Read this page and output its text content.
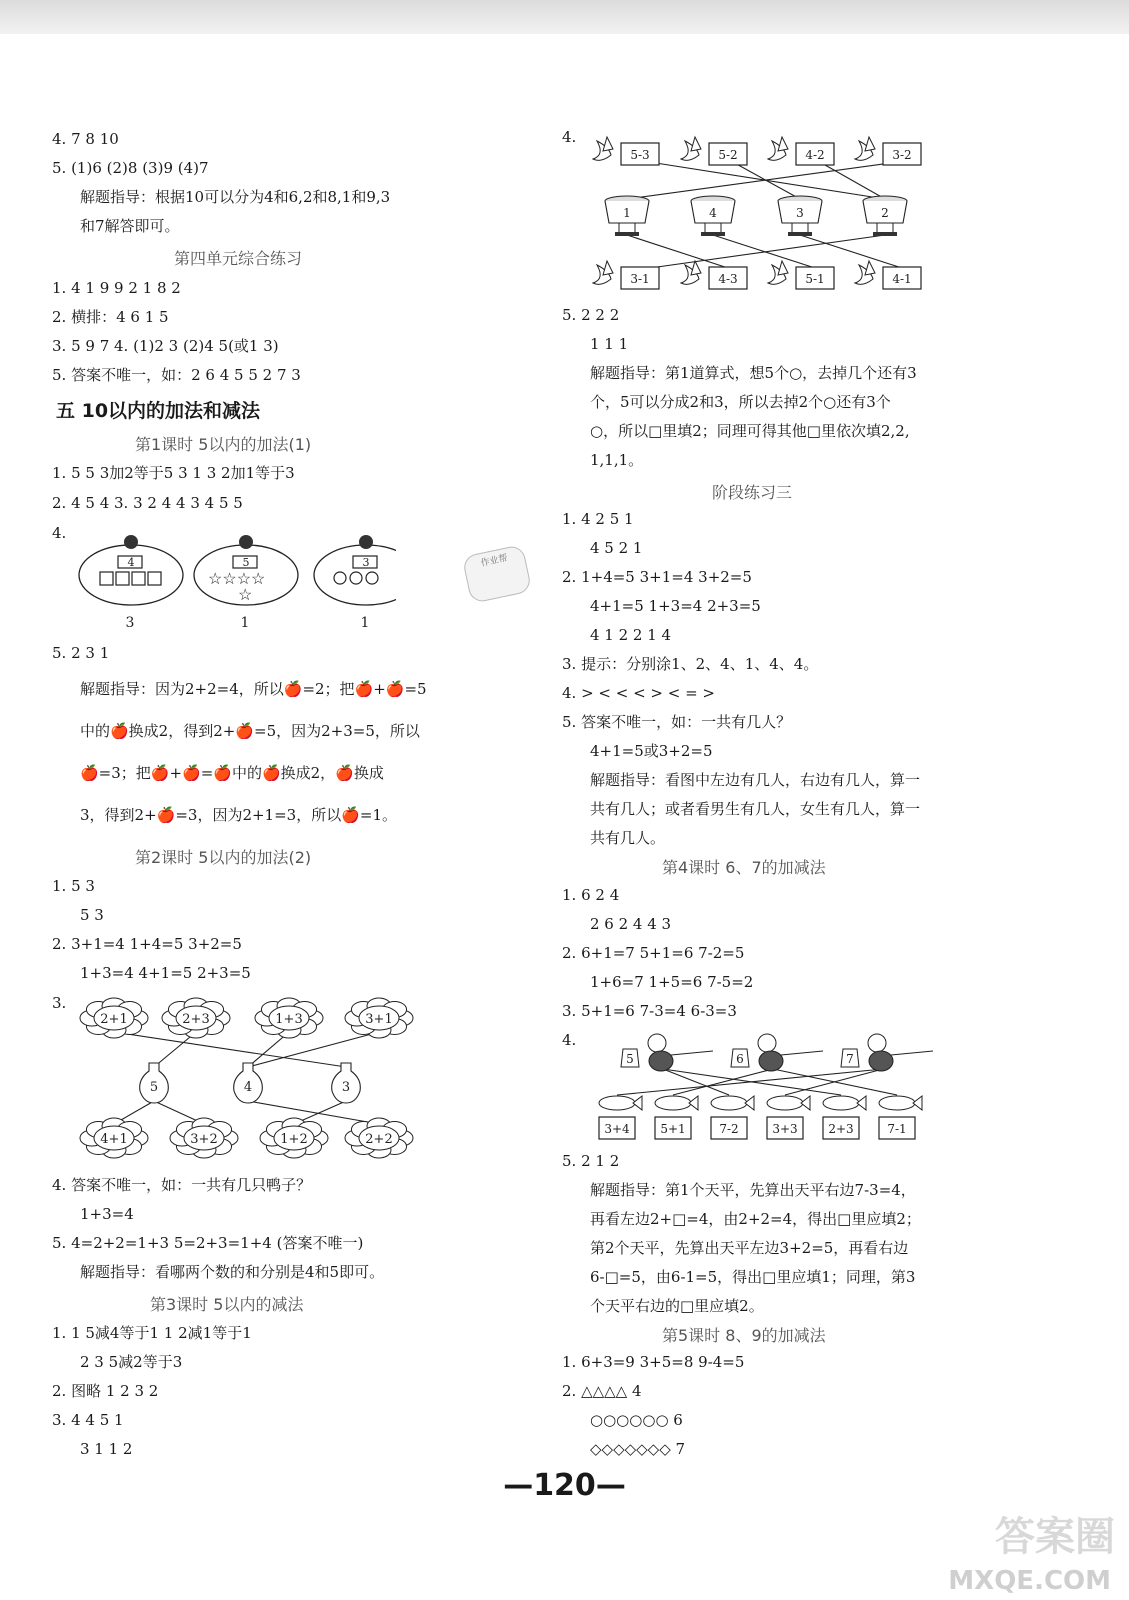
4. 7 8 10
5. (1)6 (2)8 (3)9 (4)7
解题指导：根据10可以分为4和6,2和8,1和9,3
和7解答即可。
第四单元综合练习
1. 4 1 9 9 2 1 8 2
2. 横排：4 6 1 5
3. 5 9 7 4. (1)2 3 (2)4 5(或1 3)
5. 答案不唯一，如：2 6 4 5 5 2 7 3
五 10以内的加法和减法
第1课时 5以内的加法(1)
1. 5 5 3加2等于5 3 1 3 2加1等于3
2. 4 5 4 3. 3 2 4 4 3 4 5 5
4.
☆☆☆☆
☆
4	5	3
3	1	1
5. 2 3 1
解题指导：因为2+2=4，所以🍎=2；把🍎+🍎=5
中的🍎换成2，得到2+🍎=5，因为2+3=5，所以
🍎=3；把🍎+🍎=🍎中的🍎换成2，🍎换成
3，得到2+🍎=3，因为2+1=3，所以🍎=1。
第2课时 5以内的加法(2)
1. 5 3
5 3
2. 3+1=4 1+4=5 3+2=5
1+3=4 4+1=5 2+3=5
3.
2+1	2+3	1+3	3+1
4+1	3+2	1+2	2+2
5	4	3
4. 答案不唯一，如：一共有几只鸭子？
1+3=4
5. 4=2+2=1+3 5=2+3=1+4 (答案不唯一)
解题指导：看哪两个数的和分别是4和5即可。
第3课时 5以内的减法
1. 1 5减4等于1 1 2减1等于1
2 3 5减2等于3
2. 图略 1 2 3 2
3. 4 4 5 1
3 1 1 2
作业帮
4.
5-3	5-2	4-2	3-2
3-1	4-3	5-1	4-1
1	4	3	2
5. 2 2 2
1 1 1
解题指导：第1道算式，想5个○，去掉几个还有3
个，5可以分成2和3，所以去掉2个○还有3个
○，所以□里填2；同理可得其他□里依次填2,2,
1,1,1。
阶段练习三
1. 4 2 5 1
4 5 2 1
2. 1+4=5 3+1=4 3+2=5
4+1=5 1+3=4 2+3=5
4 1 2 2 1 4
3. 提示：分别涂1、2、4、1、4、4。
4. > < < < > < = >
5. 答案不唯一，如：一共有几人？
4+1=5或3+2=5
解题指导：看图中左边有几人，右边有几人，算一
共有几人；或者看男生有几人，女生有几人，算一
共有几人。
第4课时 6、7的加减法
1. 6 2 4
2 6 2 4 4 3
2. 6+1=7 5+1=6 7-2=5
1+6=7 1+5=6 7-5=2
3. 5+1=6 7-3=4 6-3=3
4.
5	6	7
3+4	5+1	7-2	3+3	2+3	7-1
5. 2 1 2
解题指导：第1个天平，先算出天平右边7-3=4，
再看左边2+□=4，由2+2=4，得出□里应填2；
第2个天平，先算出天平左边3+2=5，再看右边
6-□=5，由6-1=5，得出□里应填1；同理，第3
个天平右边的□里应填2。
第5课时 8、9的加减法
1. 6+3=9 3+5=8 9-4=5
2. △△△△ 4
○○○○○○ 6
◇◇◇◇◇◇◇ 7
—120—
答案圈
MXQE.COM
